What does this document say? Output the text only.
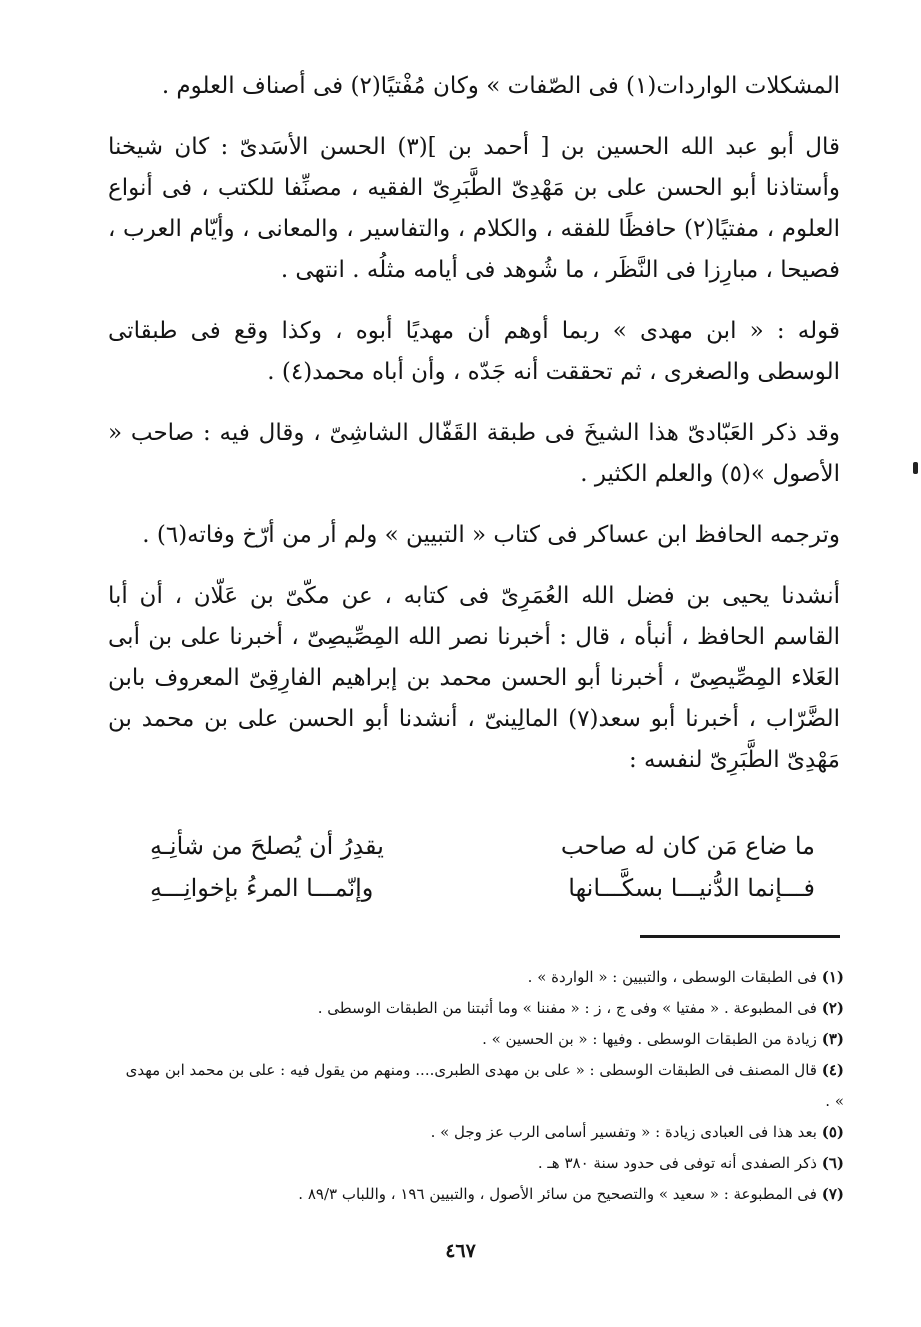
المشكلات الواردات(١) فى الصّفات » وكان مُفْتيًا(٢) فى أصناف العلوم .

قال أبو عبد الله الحسين بن [ أحمد بن ](٣) الحسن الأسَدىّ : كان شيخنا وأستاذنا أبو الحسن على بن مَهْدِىّ الطَّبَرِىّ الفقيه ، مصنِّفا للكتب ، فى أنواع العلوم ، مفتيًا(٢) حافظًا للفقه ، والكلام ، والتفاسير ، والمعانى ، وأيّام العرب ، فصيحا ، مبارِزا فى النَّظَر ، ما شُوهد فى أيامه مثلُه . انتهى .

قوله : « ابن مهدى » ربما أوهم أن مهديًا أبوه ، وكذا وقع فى طبقاتى الوسطى والصغرى ، ثم تحققت أنه جَدّه ، وأن أباه محمد(٤) .

وقد ذكر العَبّادىّ هذا الشيخَ فى طبقة القَفّال الشاشِىّ ، وقال فيه : صاحب « الأصول »(٥) والعلم الكثير .

وترجمه الحافظ ابن عساكر فى كتاب « التبيين » ولم أر من أرّخ وفاته(٦) .

أنشدنا يحيى بن فضل الله العُمَرِىّ فى كتابه ، عن مكّىّ بن عَلّان ، أن أبا القاسم الحافظ ، أنبأه ، قال : أخبرنا نصر الله المِصِّيصِىّ ، أخبرنا على بن أبى العَلاء المِصِّيصِىّ ، أخبرنا أبو الحسن محمد بن إبراهيم الفارِقِىّ المعروف بابن الضَّرّاب ، أخبرنا أبو سعد(٧) المالِينىّ ، أنشدنا أبو الحسن على بن محمد بن مَهْدِىّ الطَّبَرِىّ لنفسه :

ما ضاع مَن كان له صاحب
يقدِرُ أن يُصلحَ من شأنِـهِ
فـــإنما الدُّنيـــا بسكَّـــانها
وإنّمـــا المرءُ بإخوانِـــهِ

(١) فى الطبقات الوسطى ، والتبيين : « الواردة » .

(٢) فى المطبوعة . « مفتيا » وفى ج ، ز : « مفننا » وما أثبتنا من الطبقات الوسطى .

(٣) زيادة من الطبقات الوسطى . وفيها : « بن الحسين » .

(٤) قال المصنف فى الطبقات الوسطى : « على بن مهدى الطبرى.... ومنهم من يقول فيه : على بن محمد ابن مهدى » .

(٥) بعد هذا فى العبادى زيادة : « وتفسير أسامى الرب عز وجل » .

(٦) ذكر الصفدى أنه توفى فى حدود سنة ٣٨٠ هـ .

(٧) فى المطبوعة : « سعيد » والتصحيح من سائر الأصول ، والتبيين ١٩٦ ، واللباب ٨٩/٣ .

٤٦٧
